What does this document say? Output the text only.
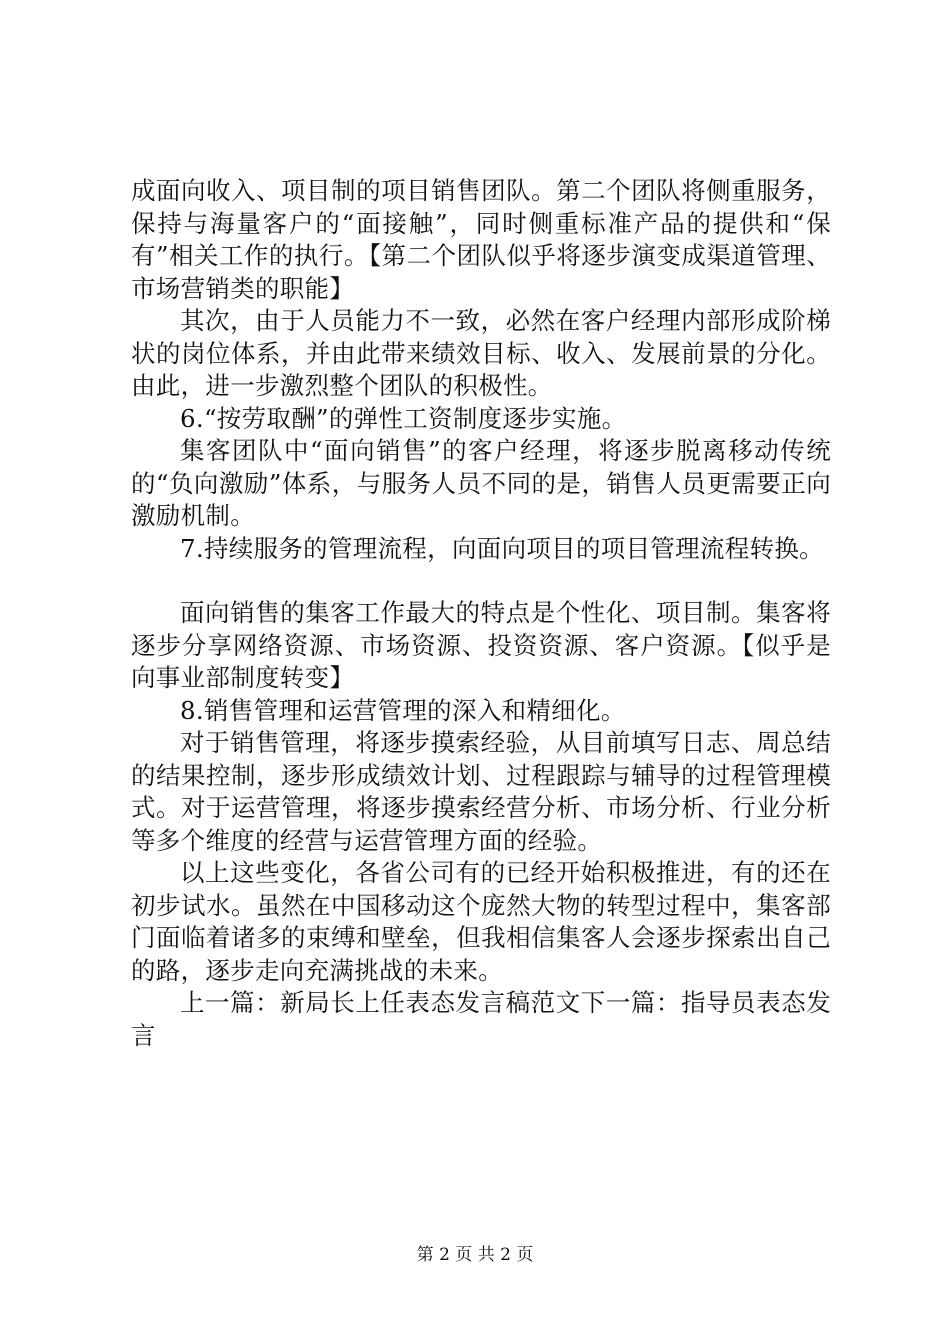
成面向收入、项目制的项目销售团队。第二个团队将侧重服务，保持与海量客户的“面接触”，同时侧重标准产品的提供和“保有”相关工作的执行。【第二个团队似乎将逐步演变成渠道管理、市场营销类的职能】

其次，由于人员能力不一致，必然在客户经理内部形成阶梯状的岗位体系，并由此带来绩效目标、收入、发展前景的分化。由此，进一步激烈整个团队的积极性。

6.“按劳取酬”的弹性工资制度逐步实施。

集客团队中“面向销售”的客户经理，将逐步脱离移动传统的“负向激励”体系，与服务人员不同的是，销售人员更需要正向激励机制。

7.持续服务的管理流程，向面向项目的项目管理流程转换。

面向销售的集客工作最大的特点是个性化、项目制。集客将逐步分享网络资源、市场资源、投资资源、客户资源。【似乎是向事业部制度转变】

8.销售管理和运营管理的深入和精细化。

对于销售管理，将逐步摸索经验，从目前填写日志、周总结的结果控制，逐步形成绩效计划、过程跟踪与辅导的过程管理模式。对于运营管理，将逐步摸索经营分析、市场分析、行业分析等多个维度的经营与运营管理方面的经验。

以上这些变化，各省公司有的已经开始积极推进，有的还在初步试水。虽然在中国移动这个庞然大物的转型过程中，集客部门面临着诸多的束缚和壁垒，但我相信集客人会逐步探索出自己的路，逐步走向充满挑战的未来。

上一篇：新局长上任表态发言稿范文下一篇：指导员表态发言

第 2 页 共 2 页
